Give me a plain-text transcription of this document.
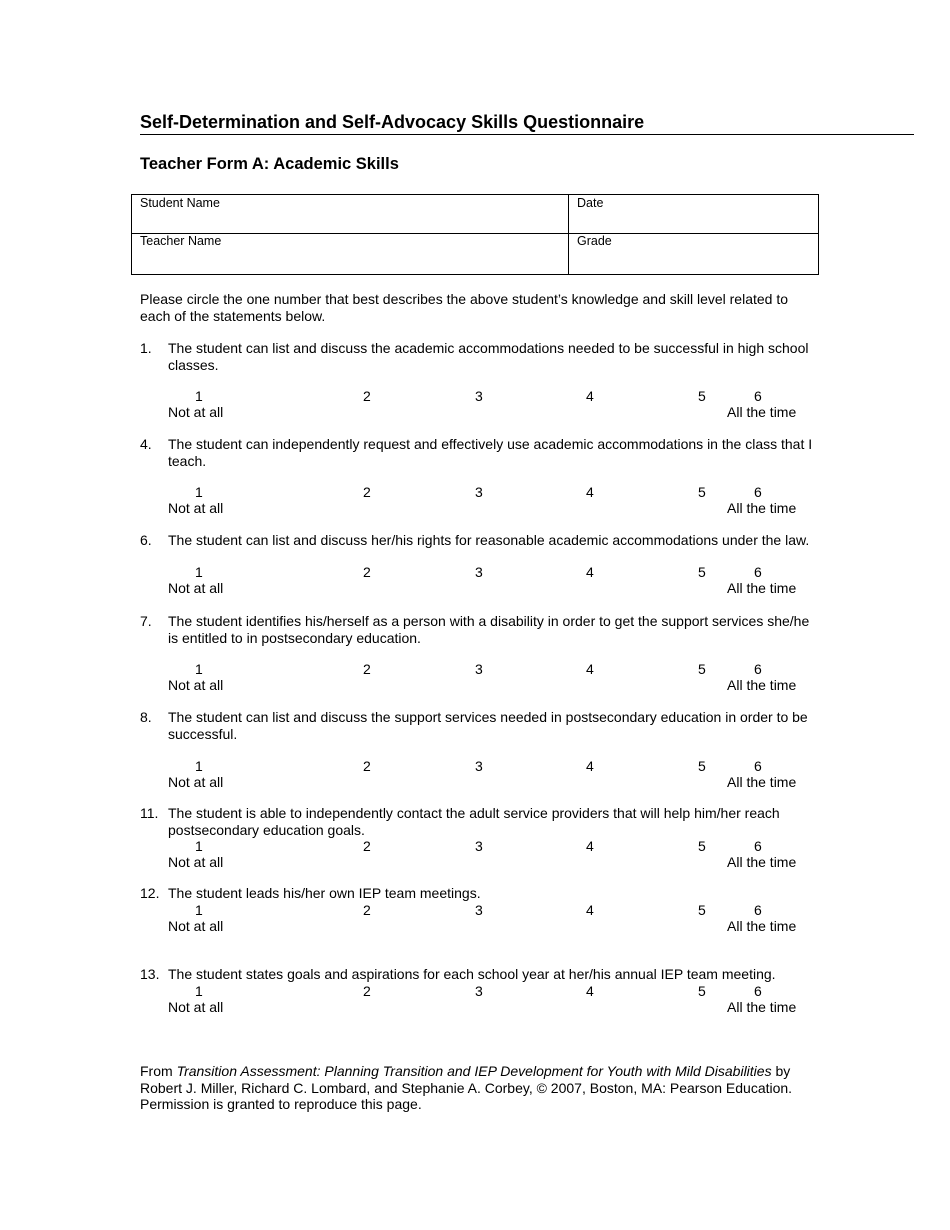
Self-Determination and Self-Advocacy Skills Questionnaire
Teacher Form A: Academic Skills
Student Name	Date
Teacher Name	Grade
Please circle the one number that best describes the above student’s knowledge and skill level related to each of the statements below.
1. The student can list and discuss the academic accommodations needed to be successful in high school classes.
1	2	3	4	5	6
Not at all	All the time
4. The student can independently request and effectively use academic accommodations in the class that I teach.
1	2	3	4	5	6
Not at all	All the time
6. The student can list and discuss her/his rights for reasonable academic accommodations under the law.
1	2	3	4	5	6
Not at all	All the time
7. The student identifies his/herself as a person with a disability in order to get the support services she/he is entitled to in postsecondary education.
1	2	3	4	5	6
Not at all	All the time
8. The student can list and discuss the support services needed in postsecondary education in order to be successful.
1	2	3	4	5	6
Not at all	All the time
11. The student is able to independently contact the adult service providers that will help him/her reach postsecondary education goals.
1	2	3	4	5	6
Not at all	All the time
12. The student leads his/her own IEP team meetings.
1	2	3	4	5	6
Not at all	All the time
13. The student states goals and aspirations for each school year at her/his annual IEP team meeting.
1	2	3	4	5	6
Not at all	All the time
From Transition Assessment: Planning Transition and IEP Development for Youth with Mild Disabilities by Robert J. Miller, Richard C. Lombard, and Stephanie A. Corbey, © 2007, Boston, MA: Pearson Education. Permission is granted to reproduce this page.
